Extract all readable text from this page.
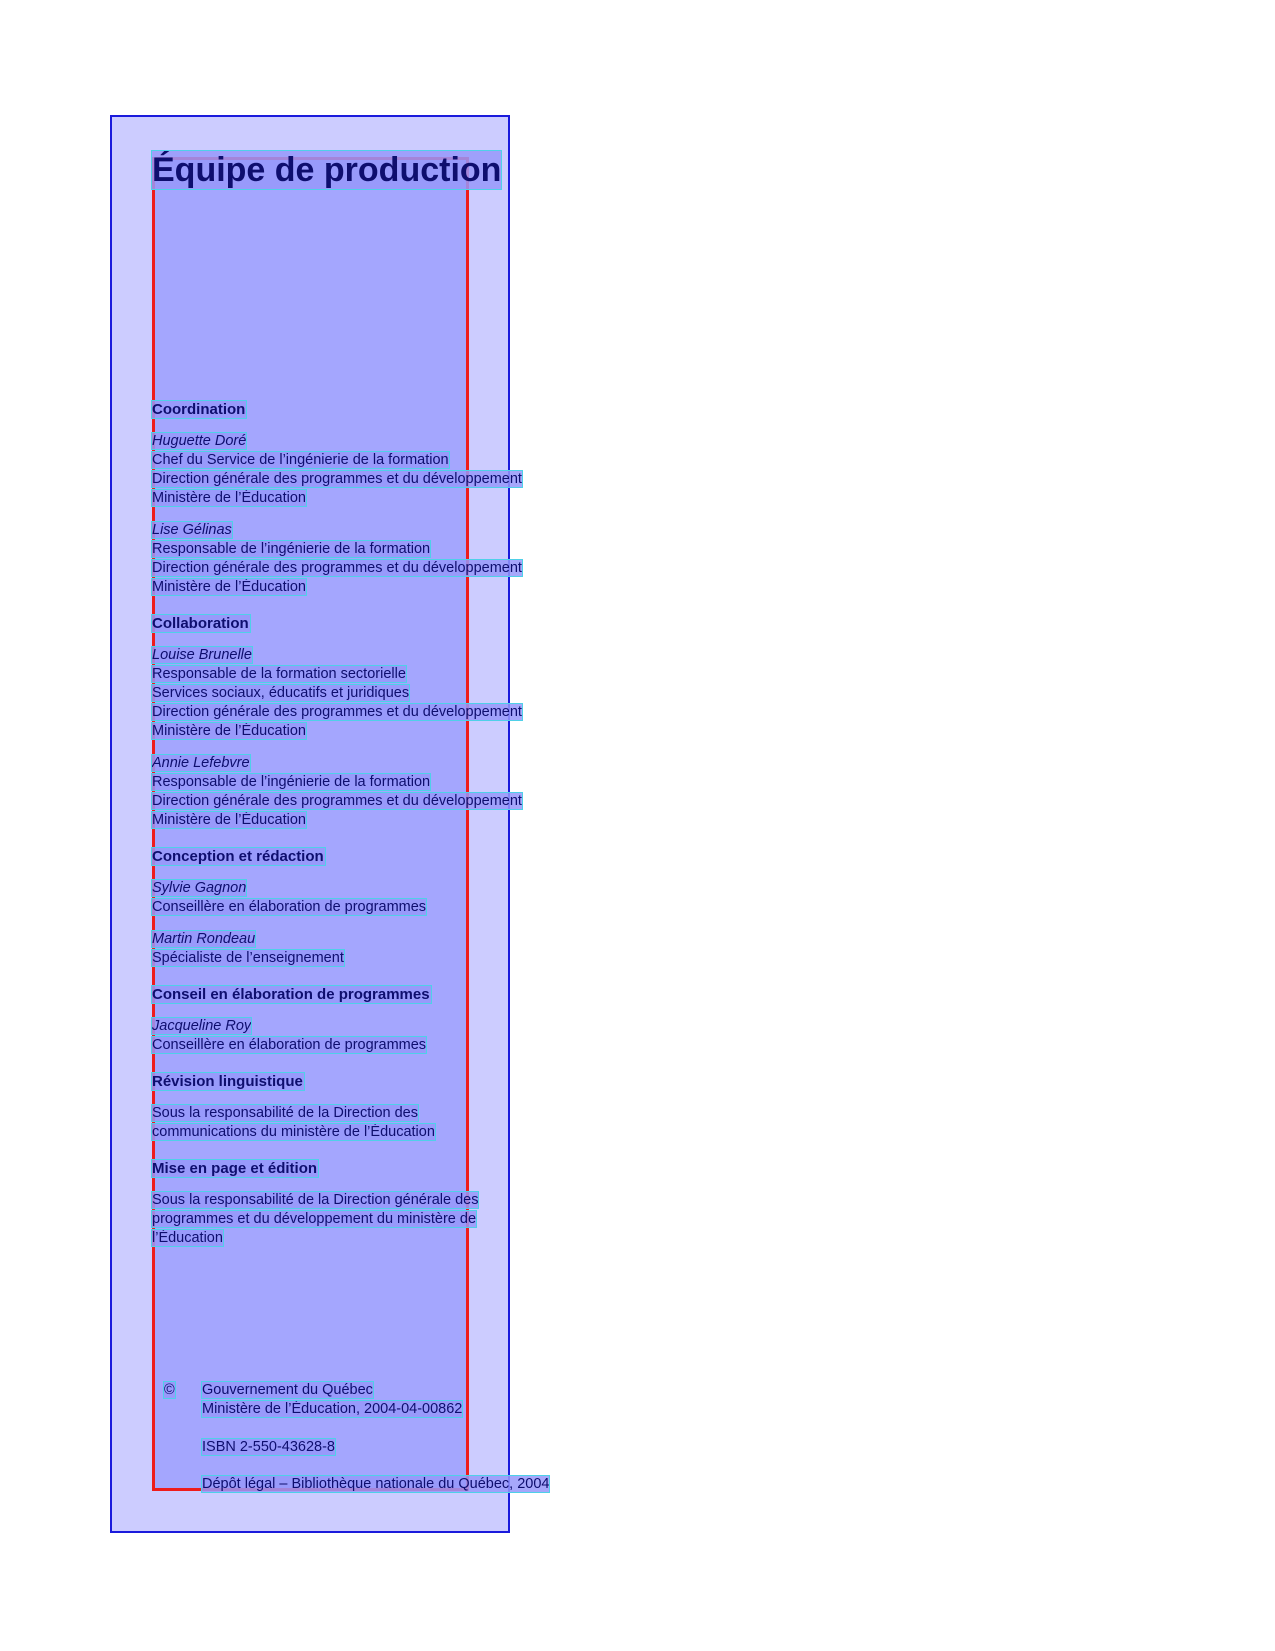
Équipe de production
Coordination
Huguette Doré
Chef du Service de l’ingénierie de la formation
Direction générale des programmes et du développement
Ministère de l’Éducation
Lise Gélinas
Responsable de l’ingénierie de la formation
Direction générale des programmes et du développement
Ministère de l’Éducation
Collaboration
Louise Brunelle
Responsable de la formation sectorielle
Services sociaux, éducatifs et juridiques
Direction générale des programmes et du développement
Ministère de l’Éducation
Annie Lefebvre
Responsable de l’ingénierie de la formation
Direction générale des programmes et du développement
Ministère de l’Éducation
Conception et rédaction
Sylvie Gagnon
Conseillère en élaboration de programmes
Martin Rondeau
Spécialiste de l’enseignement
Conseil en élaboration de programmes
Jacqueline Roy
Conseillère en élaboration de programmes
Révision linguistique
Sous la responsabilité de la Direction des
communications du ministère de l’Éducation
Mise en page et édition
Sous la responsabilité de la Direction générale des
programmes et du développement du ministère de
l’Éducation
© Gouvernement du Québec
Ministère de l’Éducation, 2004-04-00862
ISBN 2-550-43628-8
Dépôt légal – Bibliothèque nationale du Québec, 2004
